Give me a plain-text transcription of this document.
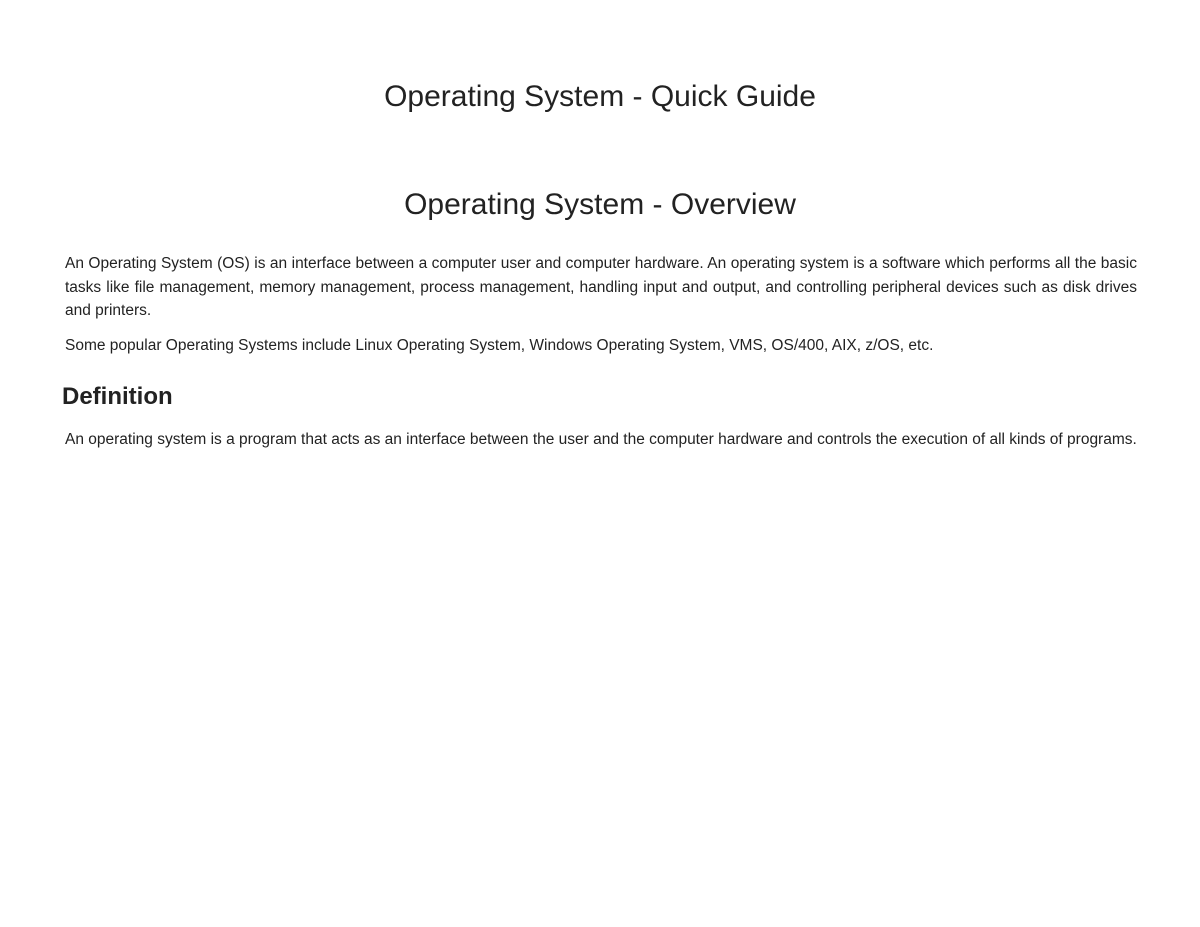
Operating System - Quick Guide
Operating System - Overview

An Operating System (OS) is an interface between a computer user and computer hardware. An operating system is a software which performs all the basic tasks like file management, memory management, process management, handling input and output, and controlling peripheral devices such as disk drives and printers.

Some popular Operating Systems include Linux Operating System, Windows Operating System, VMS, OS/400, AIX, z/OS, etc.

Definition

An operating system is a program that acts as an interface between the user and the computer hardware and controls the execution of all kinds of programs.
